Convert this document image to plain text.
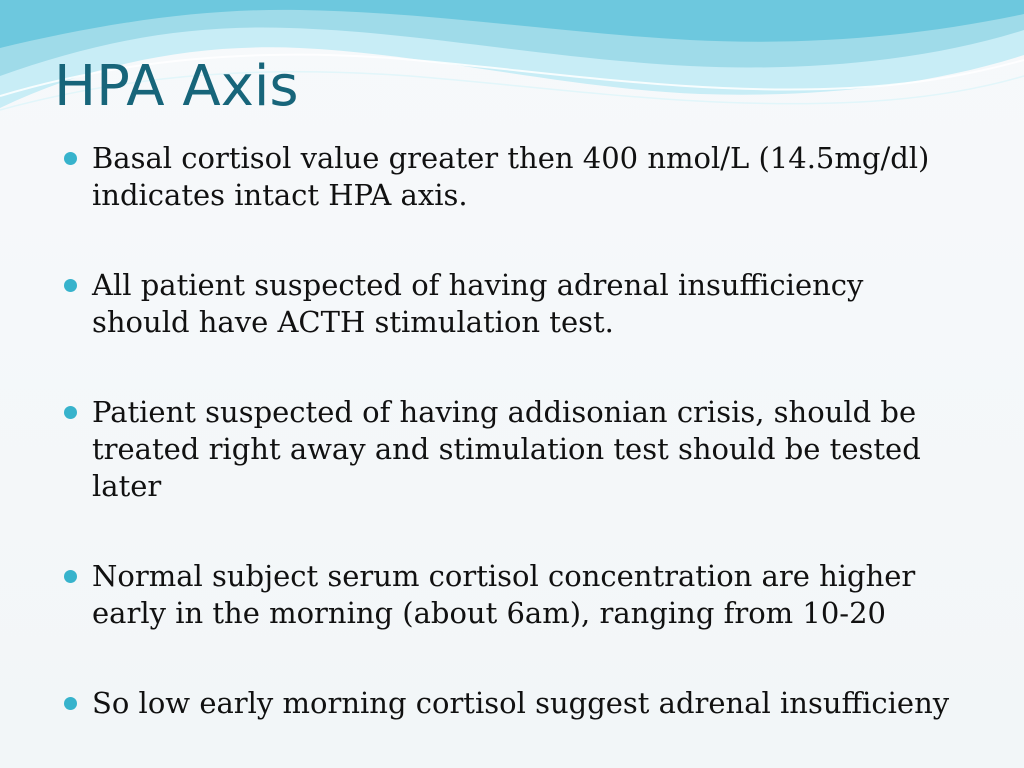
HPA Axis
Basal cortisol value greater then 400 nmol/L (14.5mg/dl)
indicates intact HPA axis.
All patient suspected of having adrenal insufficiency
should have ACTH stimulation test.
Patient suspected of having addisonian crisis, should be
treated right away and stimulation test should be tested
later
Normal subject serum cortisol concentration are higher
early in the morning (about 6am), ranging from 10-20
So low early morning cortisol suggest adrenal insufficieny
